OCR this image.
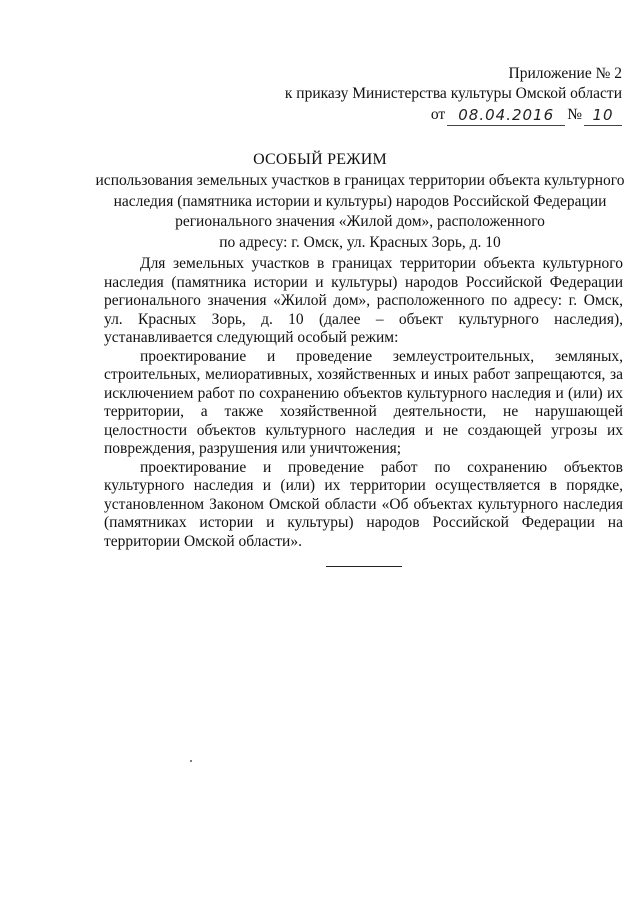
Приложение № 2
к приказу Министерства культуры Омской области
от 08.04.2016 № 10
ОСОБЫЙ РЕЖИМ
использования земельных участков в границах территории объекта культурного
наследия (памятника истории и культуры) народов Российской Федерации
регионального значения «Жилой дом», расположенного
по адресу: г. Омск, ул. Красных Зорь, д. 10

Для земельных участков в границах территории объекта культурного наследия (памятника истории и культуры) народов Российской Федерации регионального значения «Жилой дом», расположенного по адресу: г. Омск, ул. Красных Зорь, д. 10 (далее – объект культурного наследия), устанавливается следующий особый режим:

проектирование и проведение землеустроительных, земляных, строительных, мелиоративных, хозяйственных и иных работ запрещаются, за исключением работ по сохранению объектов культурного наследия и (или) их территории, а также хозяйственной деятельности, не нарушающей целостности объектов культурного наследия и не создающей угрозы их повреждения, разрушения или уничтожения;

проектирование и проведение работ по сохранению объектов культурного наследия и (или) их территории осуществляется в порядке, установленном Законом Омской области «Об объектах культурного наследия (памятниках истории и культуры) народов Российской Федерации на территории Омской области».
